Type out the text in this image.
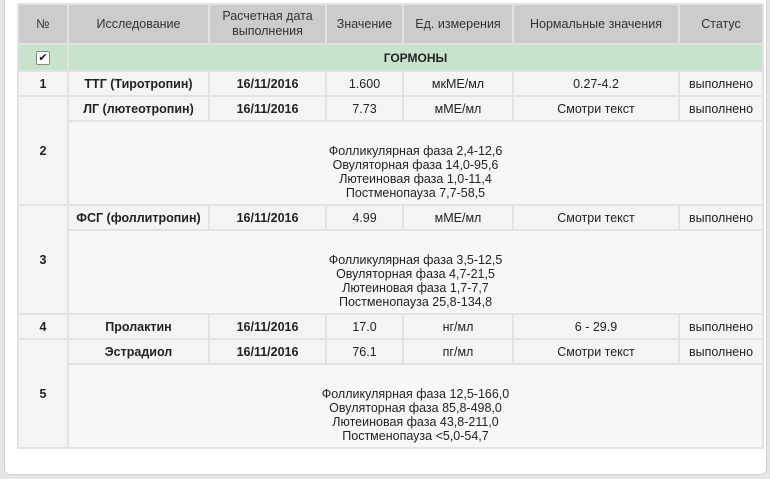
№	Исследование	Расчетная дата выполнения	Значение	Ед. измерения	Нормальные значения	Статус
✔	ГОРМОНЫ					
1	ТТГ (Тиротропин)	16/11/2016	1.600	мкМЕ/мл	0.27-4.2	выполнено
2	ЛГ (лютеотропин)	16/11/2016	7.73	мМЕ/мл	Смотри текст	выполнено

	Фолликулярная фаза 2,4-12,6
Овуляторная фаза 14,0-95,6
Лютеиновая фаза 1,0-11,4
Постменопауза 7,7-58,5					

3	ФСГ (фоллитропин)	16/11/2016	4.99	мМЕ/мл	Смотри текст	выполнено

	Фолликулярная фаза 3,5-12,5
Овуляторная фаза 4,7-21,5
Лютеиновая фаза 1,7-7,7
Постменопауза 25,8-134,8					

4	Пролактин	16/11/2016	17.0	нг/мл	6 - 29.9	выполнено
5	Эстрадиол	16/11/2016	76.1	пг/мл	Смотри текст	выполнено

	Фолликулярная фаза 12,5-166,0
Овуляторная фаза 85,8-498,0
Лютеиновая фаза 43,8-211,0
Постменопауза <5,0-54,7					
